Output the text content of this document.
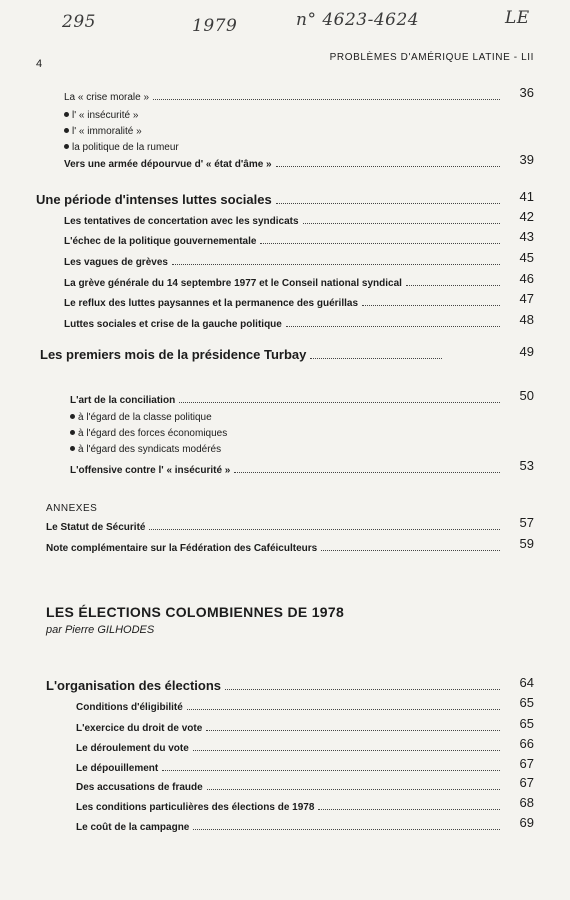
295	1979	n° 4623-4624	LE
4
PROBLÈMES D'AMÉRIQUE LATINE - LII
La « crise morale »	36
l' « insécurité »
l' « immoralité »
la politique de la rumeur
Vers une armée dépourvue d' « état d'âme »	39
Une période d'intenses luttes sociales	41
Les tentatives de concertation avec les syndicats	42
L'échec de la politique gouvernementale	43
Les vagues de grèves	45
La grève générale du 14 septembre 1977 et le Conseil national syndical	46
Le reflux des luttes paysannes et la permanence des guérillas	47
Luttes sociales et crise de la gauche politique	48
Les premiers mois de la présidence Turbay	49
L'art de la conciliation	50
à l'égard de la classe politique
à l'égard des forces économiques
à l'égard des syndicats modérés
L'offensive contre l' « insécurité »	53
ANNEXES
Le Statut de Sécurité	57
Note complémentaire sur la Fédération des Caféiculteurs	59
LES ÉLECTIONS COLOMBIENNES DE 1978
par Pierre GILHODES
L'organisation des élections	64
Conditions d'éligibilité	65
L'exercice du droit de vote	65
Le déroulement du vote	66
Le dépouillement	67
Des accusations de fraude	67
Les conditions particulières des élections de 1978	68
Le coût de la campagne	69
